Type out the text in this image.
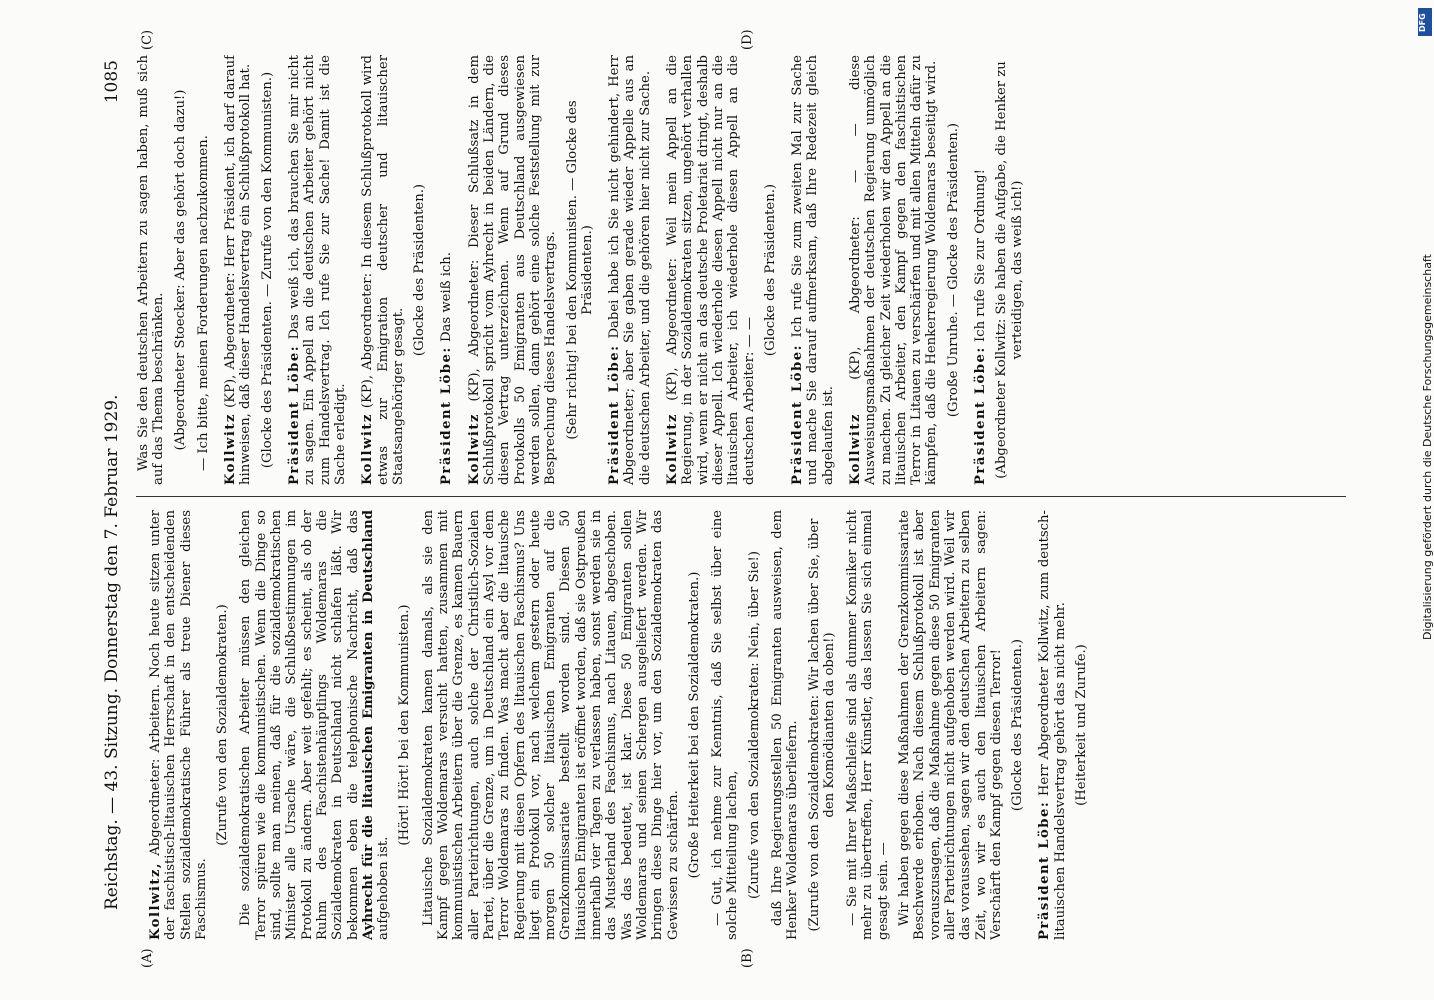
Reichstag. — 43. Sitzung. Donnerstag den 7. Februar 1929.
1085
(A)	(B)
(C)	(D)

Kollwitz, Abgeordneter: Arbeitern. Noch heute sitzen unter der faschistisch-litauischen Herrschaft in den entscheidenden Stellen sozialdemokratische Führer als treue Diener dieses Faschismus.

(Zurufe von den Sozialdemokraten.) Die sozialdemokratischen Arbeiter müssen den gleichen Terror spüren wie die kommunistischen. Wenn die Dinge so sind, sollte man meinen, daß für die sozialdemokratischen Minister alle Ursache wäre, die Schlußbestimmungen im Protokoll zu ändern. Aber weit gefehlt; es scheint, als ob der Ruhm des Faschistenhäuptlings Woldemaras die Sozialdemokraten in Deutschland nicht schlafen läßt. Wir bekommen eben die telephonische Nachricht, daß das Ayhrecht für die litauischen Emigranten in Deutschland aufgehoben ist.

(Hört! Hört! bei den Kommunisten.) Litauische Sozialdemokraten kamen damals, als sie den Kampf gegen Woldemaras versucht hatten, zusammen mit kommunistischen Arbeitern über die Grenze, es kamen Bauern aller Parteirichtungen, auch solche der Christlich-Sozialen Partei, über die Grenze, um in Deutschland ein Asyl vor dem Terror Woldemaras zu finden. Was macht aber die litauische Regierung mit diesen Opfern des litauischen Faschismus? Uns liegt ein Protokoll vor, nach welchem gestern oder heute morgen 50 solcher litauischen Emigranten auf die Grenzkommissariate bestellt worden sind. Diesen 50 litauischen Emigranten ist eröffnet worden, daß sie Ostpreußen innerhalb vier Tagen zu verlassen haben, sonst werden sie in das Musterland des Faschismus, nach Litauen, abgeschoben. Was das bedeutet, ist klar. Diese 50 Emigranten sollen Woldemaras und seinen Schergen ausgeliefert werden. Wir bringen diese Dinge hier vor, um den Sozialdemokraten das Gewissen zu schärfen. (Große Heiterkeit bei den Sozialdemokraten.) — Gut, ich nehme zur Kenntnis, daß Sie selbst über eine solche Mitteilung lachen, (Zurufe von den Sozialdemokraten: Nein, über Sie!) daß Ihre Regierungsstellen 50 Emigranten ausweisen, dem Henker Woldemaras überliefern. (Zurufe von den Sozialdemokraten: Wir lachen über Sie, über den Komödianten da oben!) — Sie mit Ihrer Maßschleife sind als dummer Komiker nicht mehr zu übertreffen, Herr Künstler, das lassen Sie sich einmal gesagt sein. — Wir haben gegen diese Maßnahmen der Grenzkommissariate Beschwerde erhoben. Nach diesem Schlußprotokoll ist aber vorauszusagen, daß die Maßnahme gegen diese 50 Emigranten aller Parteirichtungen nicht aufgehoben werden wird. Weil wir das voraussehen, sagen wir den deutschen Arbeitern zu selben Zeit, wo wir es auch den litauischen Arbeitern sagen: Verschärft den Kampf gegen diesen Terror! (Glocke des Präsidenten.)

Präsident Löbe: Herr Abgeordneter Kollwitz, zum deutsch-litauischen Handelsvertrag gehört das nicht mehr. (Heiterkeit und Zurufe.)

Was Sie den deutschen Arbeitern zu sagen haben, muß sich auf das Thema beschränken. (Abgeordneter Stoecker: Aber das gehört doch dazu!) — Ich bitte, meinen Forderungen nachzukommen. Kollwitz (KP), Abgeordneter: Herr Präsident, ich darf darauf hinweisen, daß dieser Handelsvertrag ein Schlußprotokoll hat. (Glocke des Präsidenten. — Zurufe von den Kommunisten.) Präsident Löbe: Das weiß ich, das brauchen Sie mir nicht zu sagen. Ein Appell an die deutschen Arbeiter gehört nicht zum Handelsvertrag. Ich rufe Sie zur Sache! Damit ist die Sache erledigt. Kollwitz (KP), Abgeordneter: In diesem Schlußprotokoll wird etwas zur Emigration deutscher und litauischer Staatsangehöriger gesagt.

(Glocke des Präsidenten.)

Präsident Löbe: Das weiß ich.

Kollwitz (KP), Abgeordneter: Dieser Schlußsatz in dem Schlußprotokoll spricht vom Ayhrecht in beiden Ländern, die diesen Vertrag unterzeichnen. Wenn auf Grund dieses Protokolls 50 Emigranten aus Deutschland ausgewiesen werden sollen, dann gehört eine solche Feststellung mit zur Besprechung dieses Handelsvertrags. (Sehr richtig! bei den Kommunisten. — Glocke des Präsidenten.)

Präsident Löbe: Dabei habe ich Sie nicht gehindert, Herr Abgeordneter; aber Sie gaben gerade wieder Appelle aus an die deutschen Arbeiter, und die gehören hier nicht zur Sache. Kollwitz (KP), Abgeordneter: Weil mein Appell an die Regierung, in der Sozialdemokraten sitzen, ungehört verhallen wird, wenn er nicht an das deutsche Proletariat dringt, deshalb dieser Appell. Ich wiederhole diesen Appell nicht nur an die litauischen Arbeiter, ich wiederhole diesen Appell an die deutschen Arbeiter: — —

(Glocke des Präsidenten.)

Präsident Löbe: Ich rufe Sie zum zweiten Mal zur Sache und mache Sie darauf aufmerksam, daß Ihre Redezeit gleich abgelaufen ist. Kollwitz (KP), Abgeordneter: — — diese Ausweisungsmaßnahmen der deutschen Regierung unmöglich zu machen. Zu gleicher Zeit wiederholen wir den Appell an die litauischen Arbeiter, den Kampf gegen den faschistischen Terror in Litauen zu verschärfen und mit allen Mitteln dafür zu kämpfen, daß die Henkerregierung Woldemaras beseitigt wird. (Große Unruhe. — Glocke des Präsidenten.) Präsident Löbe: Ich rufe Sie zur Ordnung! (Abgeordneter Kollwitz: Sie haben die Aufgabe, die Henker zu verteidigen, das weiß ich!)	Digitalisierung gefördert durch die Deutsche Forschungsgemeinschaft
DFG
